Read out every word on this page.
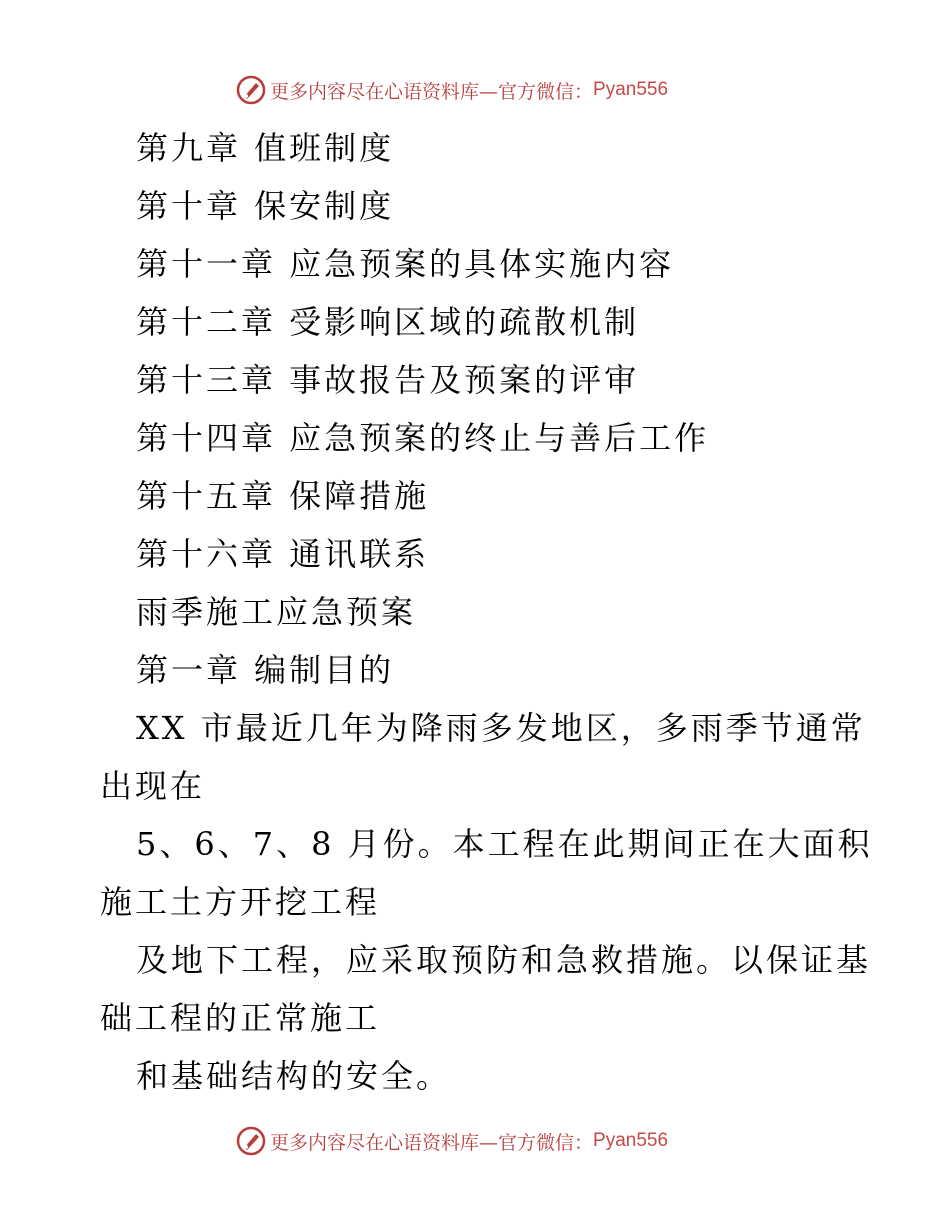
更多内容尽在心语资料库—官方微信： Pyan556
第九章 值班制度
第十章 保安制度
第十一章 应急预案的具体实施内容
第十二章 受影响区域的疏散机制
第十三章 事故报告及预案的评审
第十四章 应急预案的终止与善后工作
第十五章 保障措施
第十六章 通讯联系
雨季施工应急预案
第一章 编制目的
XX 市最近几年为降雨多发地区，多雨季节通常
出现在
5、6、7、8 月份。本工程在此期间正在大面积
施工土方开挖工程
及地下工程，应采取预防和急救措施。以保证基
础工程的正常施工
和基础结构的安全。
更多内容尽在心语资料库—官方微信： Pyan556
